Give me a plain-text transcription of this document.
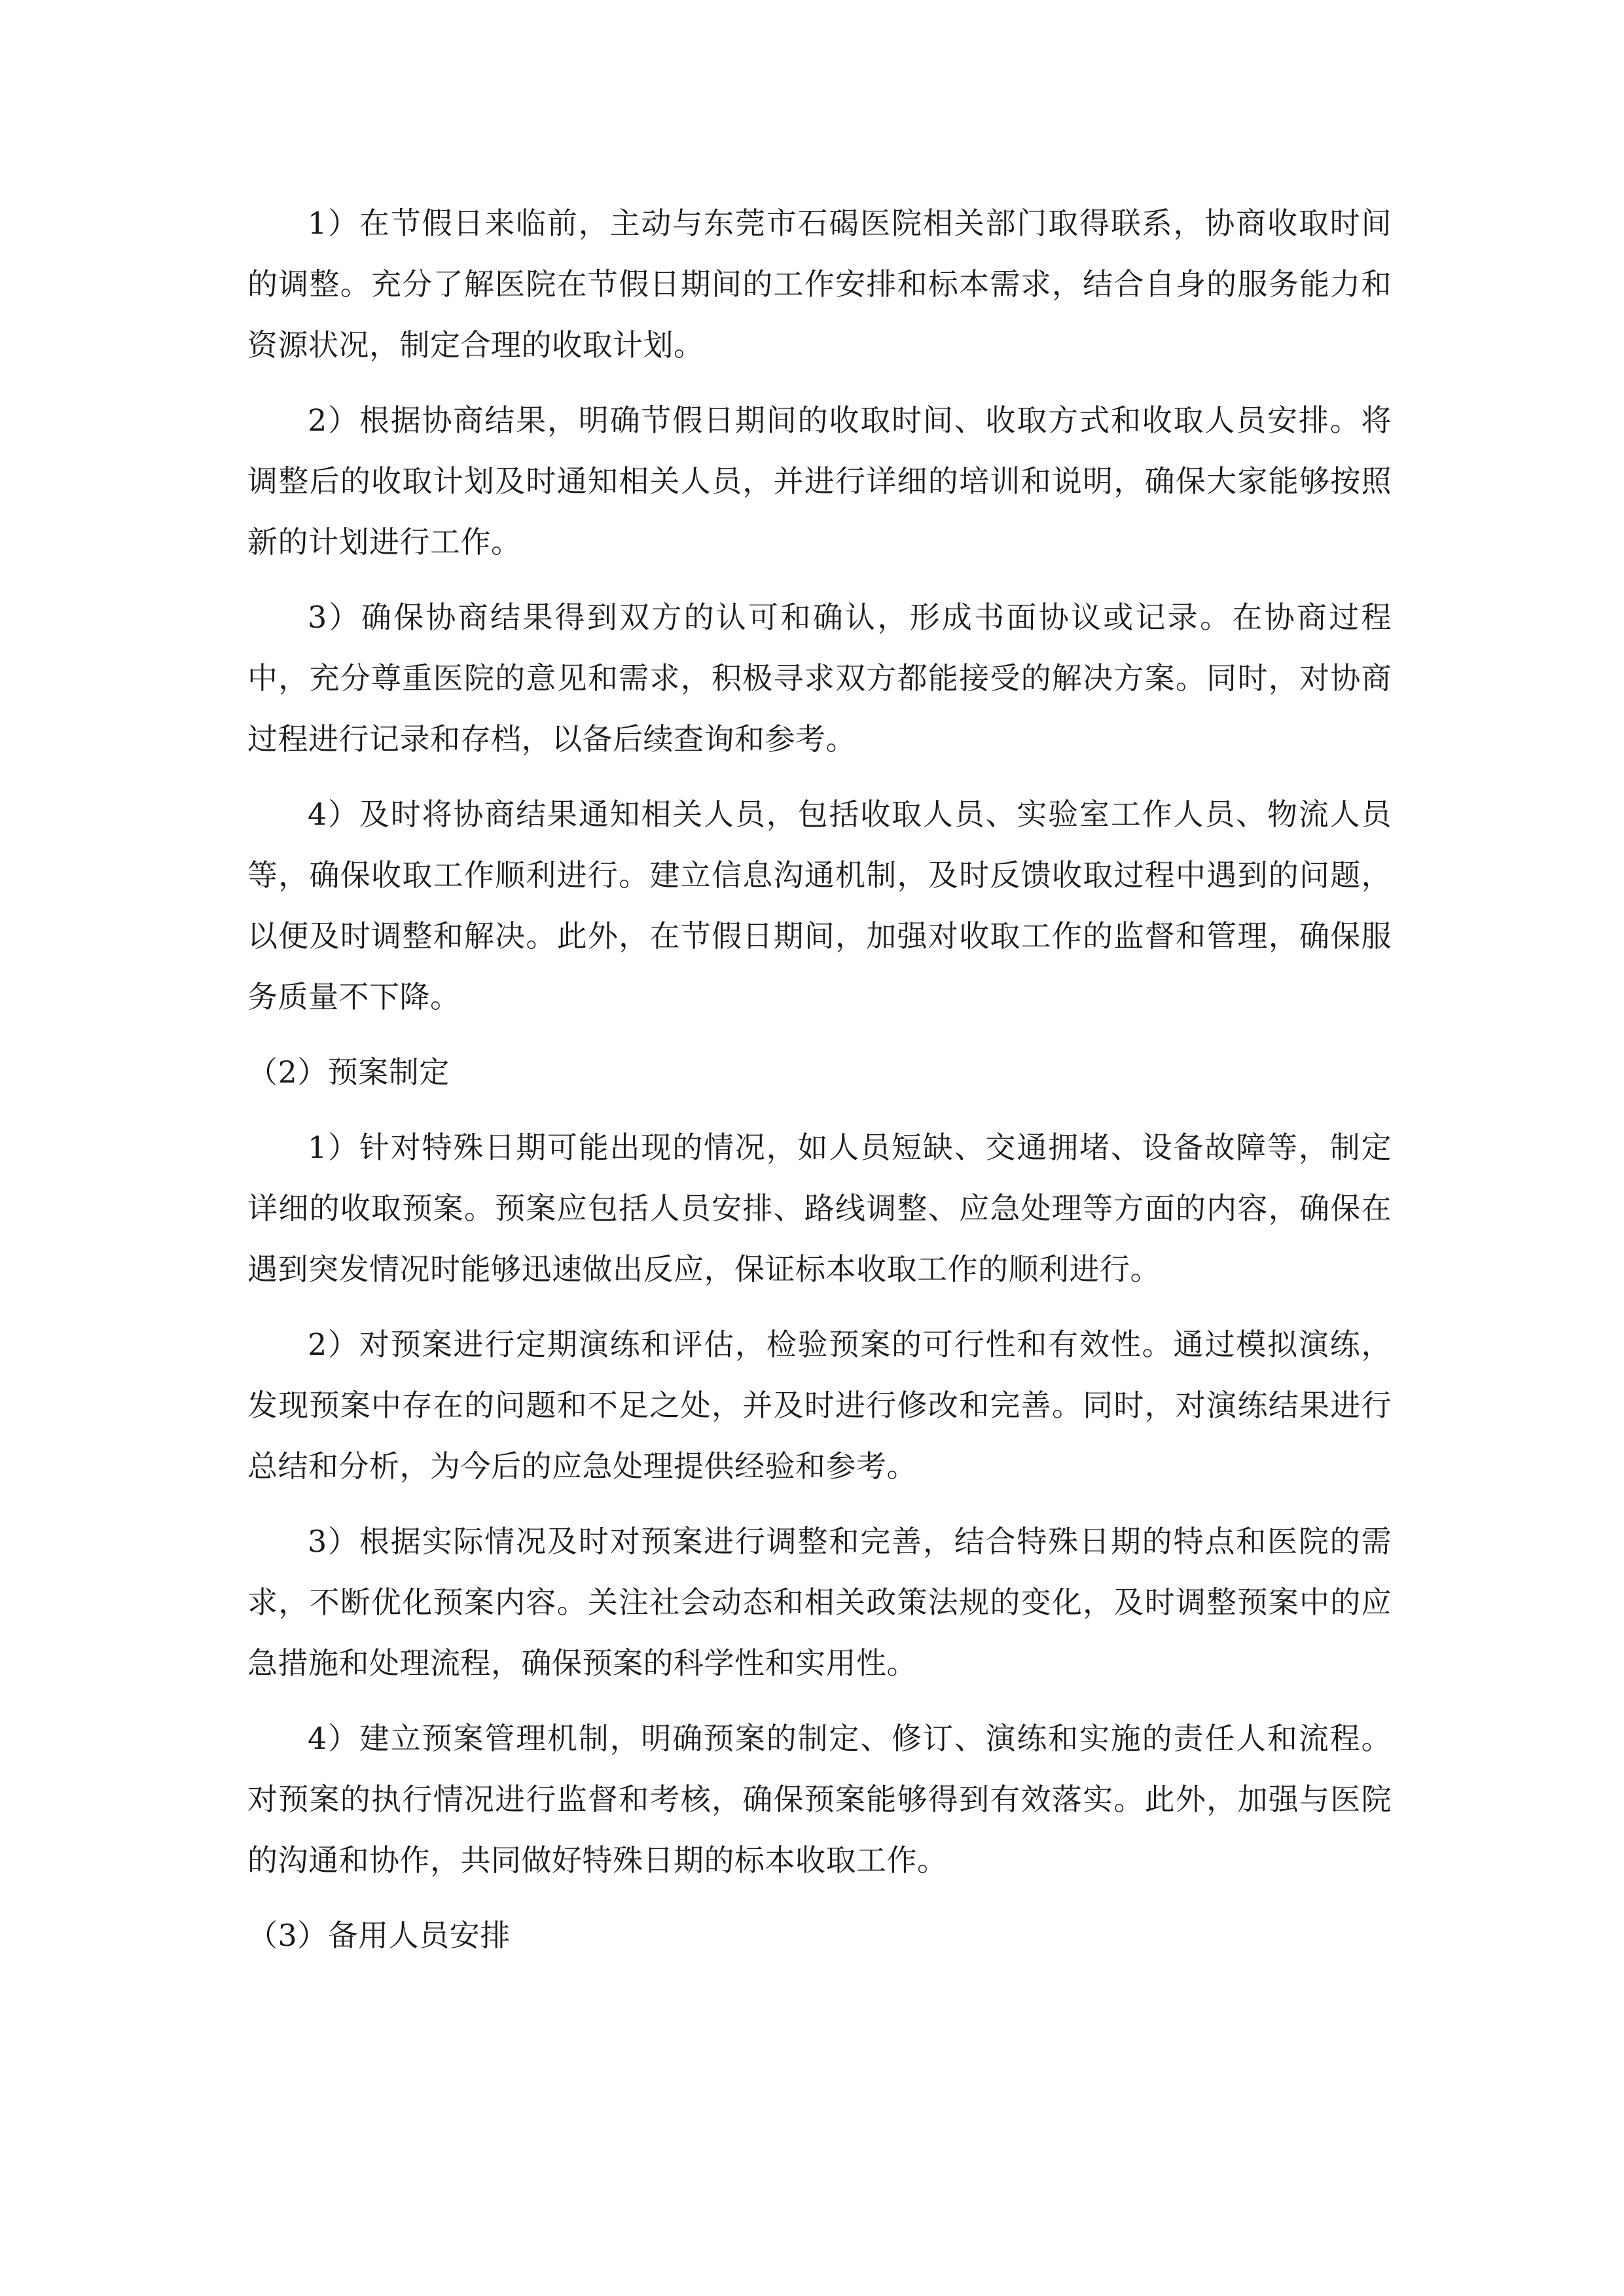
1）在节假日来临前，主动与东莞市石碣医院相关部门取得联系，协商收取时间的调整。充分了解医院在节假日期间的工作安排和标本需求，结合自身的服务能力和资源状况，制定合理的收取计划。

2）根据协商结果，明确节假日期间的收取时间、收取方式和收取人员安排。将调整后的收取计划及时通知相关人员，并进行详细的培训和说明，确保大家能够按照新的计划进行工作。

3）确保协商结果得到双方的认可和确认，形成书面协议或记录。在协商过程中，充分尊重医院的意见和需求，积极寻求双方都能接受的解决方案。同时，对协商过程进行记录和存档，以备后续查询和参考。

4）及时将协商结果通知相关人员，包括收取人员、实验室工作人员、物流人员等，确保收取工作顺利进行。建立信息沟通机制，及时反馈收取过程中遇到的问题，以便及时调整和解决。此外，在节假日期间，加强对收取工作的监督和管理，确保服务质量不下降。

（2）预案制定

1）针对特殊日期可能出现的情况，如人员短缺、交通拥堵、设备故障等，制定详细的收取预案。预案应包括人员安排、路线调整、应急处理等方面的内容，确保在遇到突发情况时能够迅速做出反应，保证标本收取工作的顺利进行。

2）对预案进行定期演练和评估，检验预案的可行性和有效性。通过模拟演练，发现预案中存在的问题和不足之处，并及时进行修改和完善。同时，对演练结果进行总结和分析，为今后的应急处理提供经验和参考。

3）根据实际情况及时对预案进行调整和完善，结合特殊日期的特点和医院的需求，不断优化预案内容。关注社会动态和相关政策法规的变化，及时调整预案中的应急措施和处理流程，确保预案的科学性和实用性。

4）建立预案管理机制，明确预案的制定、修订、演练和实施的责任人和流程。对预案的执行情况进行监督和考核，确保预案能够得到有效落实。此外，加强与医院的沟通和协作，共同做好特殊日期的标本收取工作。

（3）备用人员安排
